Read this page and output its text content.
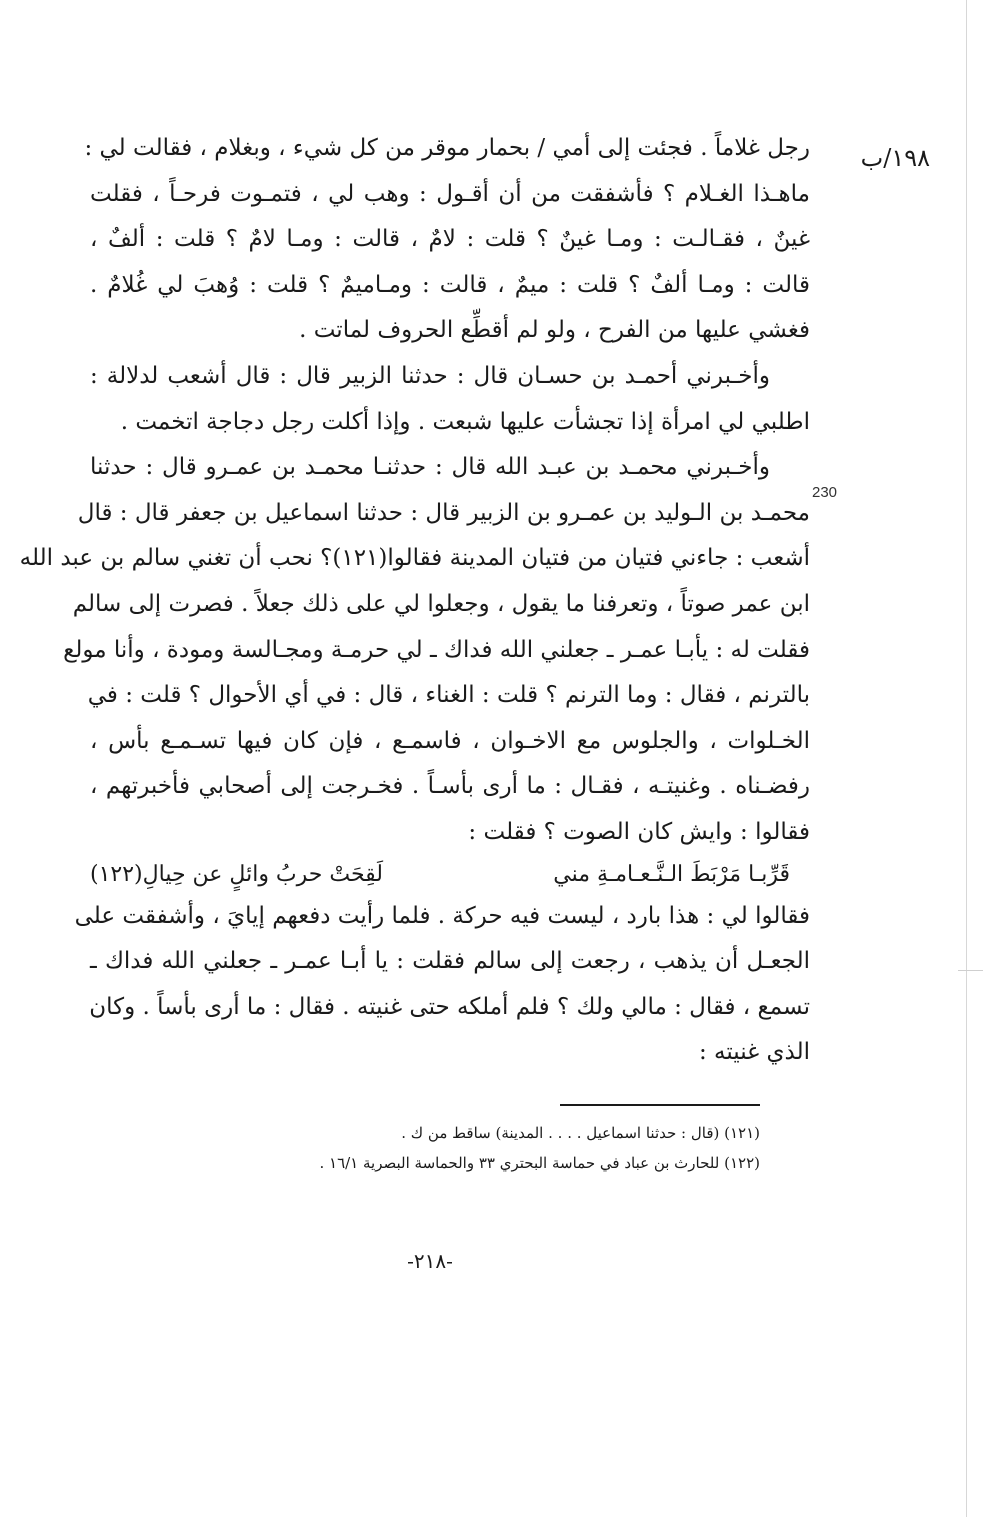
١٩٨/ب
230
رجل غلاماً . فجئت إلى أمي / بحمار موقر من كل شيء ، وبغلام ، فقالت لي :
ماهـذا الغـلام ؟ فأشفقت من أن أقـول : وهب لي ، فتمـوت فرحـاً ، فقلت
غينٌ ، فقـالـت : ومـا غينٌ ؟ قلت : لامٌ ، قالت : ومـا لامٌ ؟ قلت : ألفٌ ،
قالت : ومـا ألفٌ ؟ قلت : ميمٌ ، قالت : ومـاميمٌ ؟ قلت : وُهبَ لي غُلامٌ .
فغشي عليها من الفرح ، ولو لم أقطِّع الحروف لماتت .
وأخـبرني أحمـد بن حسـان قال : حدثنا الزبير قال : قال أشعب لدلالة :
اطلبي لي امرأة إذا تجشأت عليها شبعت . وإذا أكلت رجل دجاجة اتخمت .
وأخـبرني محمـد بن عبـد الله قال : حدثنـا محمـد بن عمـرو قال : حدثنا
محمـد بن الـوليد بن عمـرو بن الزبير قال : حدثنا اسماعيل بن جعفر قال : قال
أشعب : جاءني فتيان من فتيان المدينة فقالوا(١٢١)؟ نحب أن تغني سالم بن عبد الله
ابن عمر صوتاً ، وتعرفنا ما يقول ، وجعلوا لي على ذلك جعلاً . فصرت إلى سالم
فقلت له : يأبـا عمـر ـ جعلني الله فداك ـ لي حرمـة ومجـالسة ومودة ، وأنا مولع
بالترنم ، فقال : وما الترنم ؟ قلت : الغناء ، قال : في أي الأحوال ؟ قلت : في
الخـلوات ، والجلوس مع الاخـوان ، فاسمـع ، فإن كان فيها تسـمـع بأس ،
رفضـناه . وغنيتـه ، فقـال : ما أرى بأسـاً . فخـرجت إلى أصحابي فأخبرتهم ،
فقالوا : وايش كان الصوت ؟ فقلت :
قَرِّبـا مَرْبَطَ الـنَّـعـامـةِ مني
لَقِحَتْ حربُ وائلٍ عن حِيالِ(١٢٢)
فقالوا لي : هذا بارد ، ليست فيه حركة . فلما رأيت دفعهم إيايَ ، وأشفقت على
الجعـل أن يذهب ، رجعت إلى سالم فقلت : يا أبـا عمـر ـ جعلني الله فداك ـ
تسمع ، فقال : مالي ولك ؟ فلم أملكه حتى غنيته . فقال : ما أرى بأساً . وكان
الذي غنيته :
(١٢١) (قال : حدثنا اسماعيل . . . . المدينة) ساقط من ك .
(١٢٢) للحارث بن عباد في حماسة البحتري ٣٣ والحماسة البصرية ١٦/١ .
-٢١٨-
